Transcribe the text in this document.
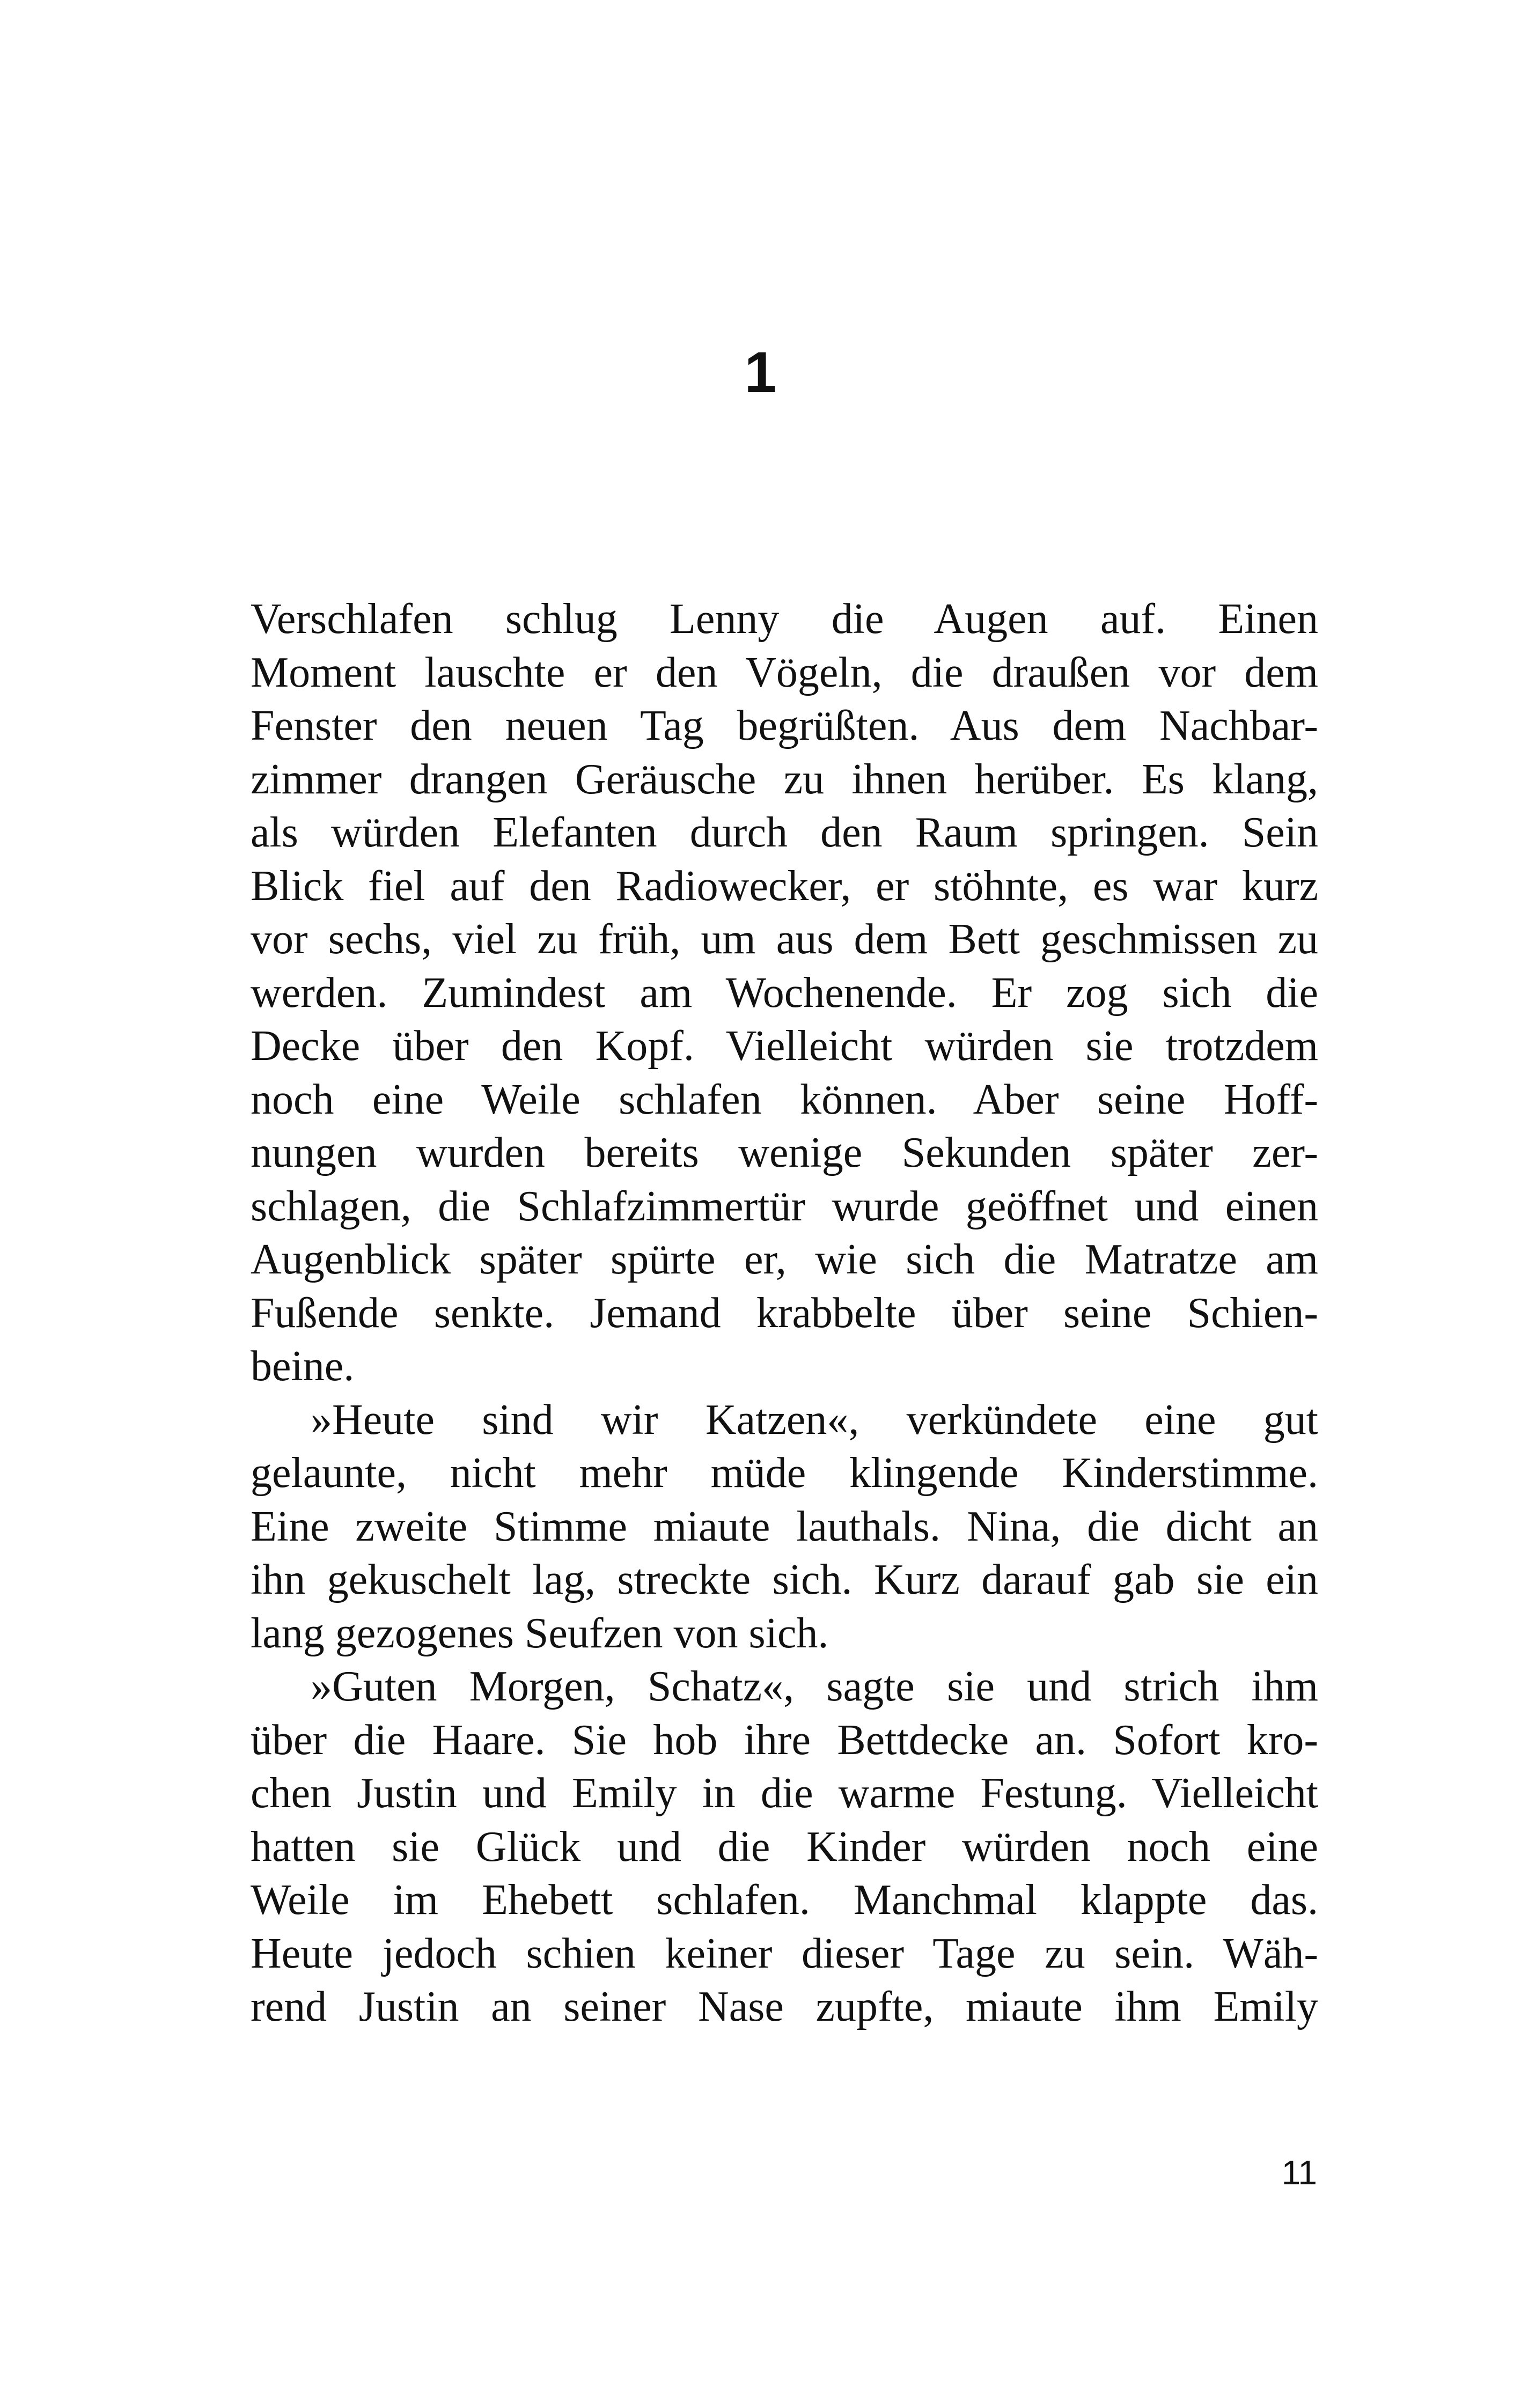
1
Verschlafen schlug Lenny die Augen auf. Einen
Moment lauschte er den Vögeln, die draußen vor dem
Fenster den neuen Tag begrüßten. Aus dem Nachbar-
zimmer drangen Geräusche zu ihnen herüber. Es klang,
als würden Elefanten durch den Raum springen. Sein
Blick fiel auf den Radiowecker, er stöhnte, es war kurz
vor sechs, viel zu früh, um aus dem Bett geschmissen zu
werden. Zumindest am Wochenende. Er zog sich die
Decke über den Kopf. Vielleicht würden sie trotzdem
noch eine Weile schlafen können. Aber seine Hoff-
nungen wurden bereits wenige Sekunden später zer-
schlagen, die Schlafzimmertür wurde geöffnet und einen
Augenblick später spürte er, wie sich die Matratze am
Fußende senkte. Jemand krabbelte über seine Schien-
beine.
»Heute sind wir Katzen«, verkündete eine gut
gelaunte, nicht mehr müde klingende Kinderstimme.
Eine zweite Stimme miaute lauthals. Nina, die dicht an
ihn gekuschelt lag, streckte sich. Kurz darauf gab sie ein
lang gezogenes Seufzen von sich.
»Guten Morgen, Schatz«, sagte sie und strich ihm
über die Haare. Sie hob ihre Bettdecke an. Sofort kro-
chen Justin und Emily in die warme Festung. Vielleicht
hatten sie Glück und die Kinder würden noch eine
Weile im Ehebett schlafen. Manchmal klappte das.
Heute jedoch schien keiner dieser Tage zu sein. Wäh-
rend Justin an seiner Nase zupfte, miaute ihm Emily
11
